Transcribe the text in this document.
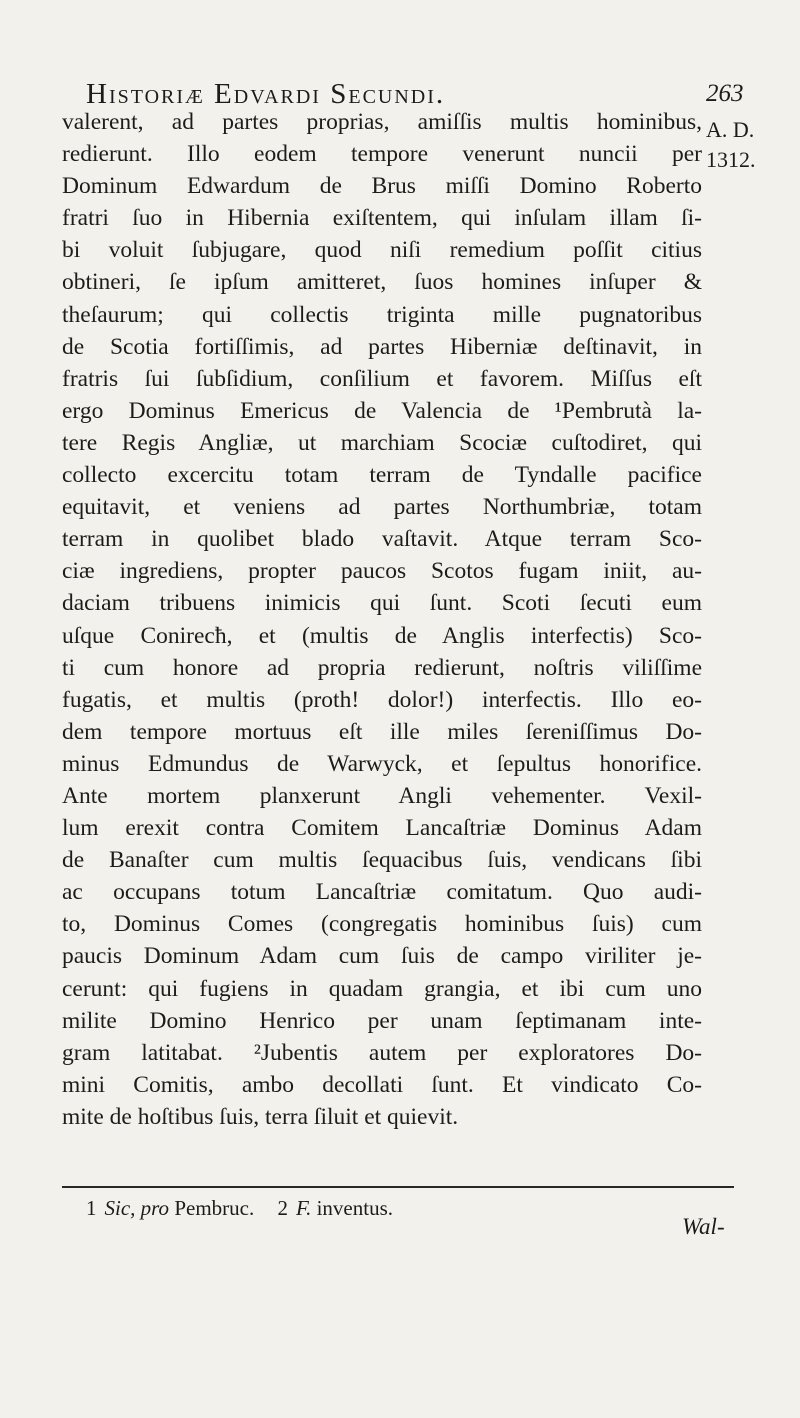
Historiæ Edvardi Secundi.	263
A. D.
1312.
valerent, ad partes proprias, amiſſis multis hominibus,
redierunt. Illo eodem tempore venerunt nuncii per
Dominum Edwardum de Brus miſſi Domino Roberto
fratri ſuo in Hibernia exiſtentem, qui inſulam illam ſi-
bi voluit ſubjugare, quod niſi remedium poſſit citius
obtineri, ſe ipſum amitteret, ſuos homines inſuper &
theſaurum; qui collectis triginta mille pugnatoribus
de Scotia fortiſſimis, ad partes Hiberniæ deſtinavit, in
fratris ſui ſubſidium, conſilium et favorem. Miſſus eſt
ergo Dominus Emericus de Valencia de ¹Pembrutà la-
tere Regis Angliæ, ut marchiam Scociæ cuſtodiret, qui
collecto excercitu totam terram de Tyndalle pacifice
equitavit, et veniens ad partes Northumbriæ, totam
terram in quolibet blado vaſtavit. Atque terram Sco-
ciæ ingrediens, propter paucos Scotos fugam iniit, au-
daciam tribuens inimicis qui ſunt. Scoti ſecuti eum
uſque Conirecħ, et (multis de Anglis interfectis) Sco-
ti cum honore ad propria redierunt, noſtris viliſſime
fugatis, et multis (proth! dolor!) interfectis. Illo eo-
dem tempore mortuus eſt ille miles ſereniſſimus Do-
minus Edmundus de Warwyck, et ſepultus honorifice.
Ante mortem planxerunt Angli vehementer. Vexil-
lum erexit contra Comitem Lancaſtriæ Dominus Adam
de Banaſter cum multis ſequacibus ſuis, vendicans ſibi
ac occupans totum Lancaſtriæ comitatum. Quo audi-
to, Dominus Comes (congregatis hominibus ſuis) cum
paucis Dominum Adam cum ſuis de campo viriliter je-
cerunt: qui fugiens in quadam grangia, et ibi cum uno
milite Domino Henrico per unam ſeptimanam inte-
gram latitabat. ²Jubentis autem per exploratores Do-
mini Comitis, ambo decollati ſunt. Et vindicato Co-
mite de hoſtibus ſuis, terra ſiluit et quievit.
1 Sic, pro Pembruc. 2 F. inventus.
Wal-
